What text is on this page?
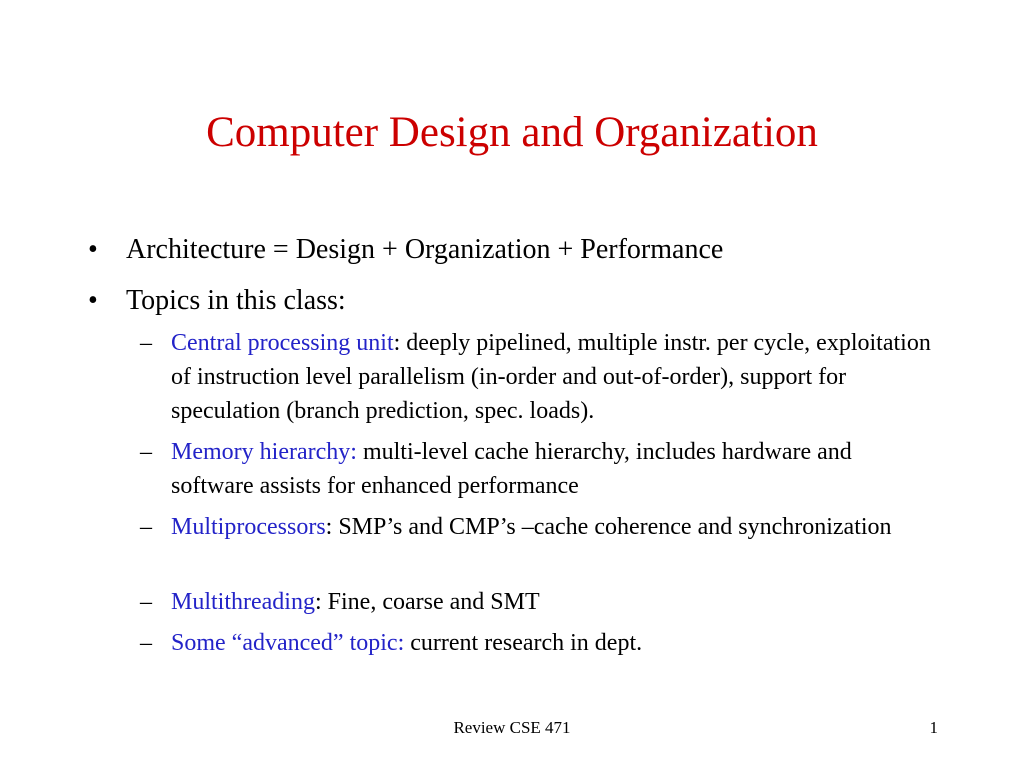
Computer Design and Organization
•	Architecture = Design + Organization + Performance
•	Topics in this class:
– Central processing unit: deeply pipelined, multiple instr. per cycle, exploitation of instruction level parallelism (in-order and out-of-order), support for speculation (branch prediction, spec. loads).
– Memory hierarchy: multi-level cache hierarchy, includes hardware and software assists for enhanced performance
– Multiprocessors: SMP’s and CMP’s –cache coherence and synchronization
– Multithreading: Fine, coarse and SMT
– Some “advanced” topic: current research in dept.
Review CSE 471	1
